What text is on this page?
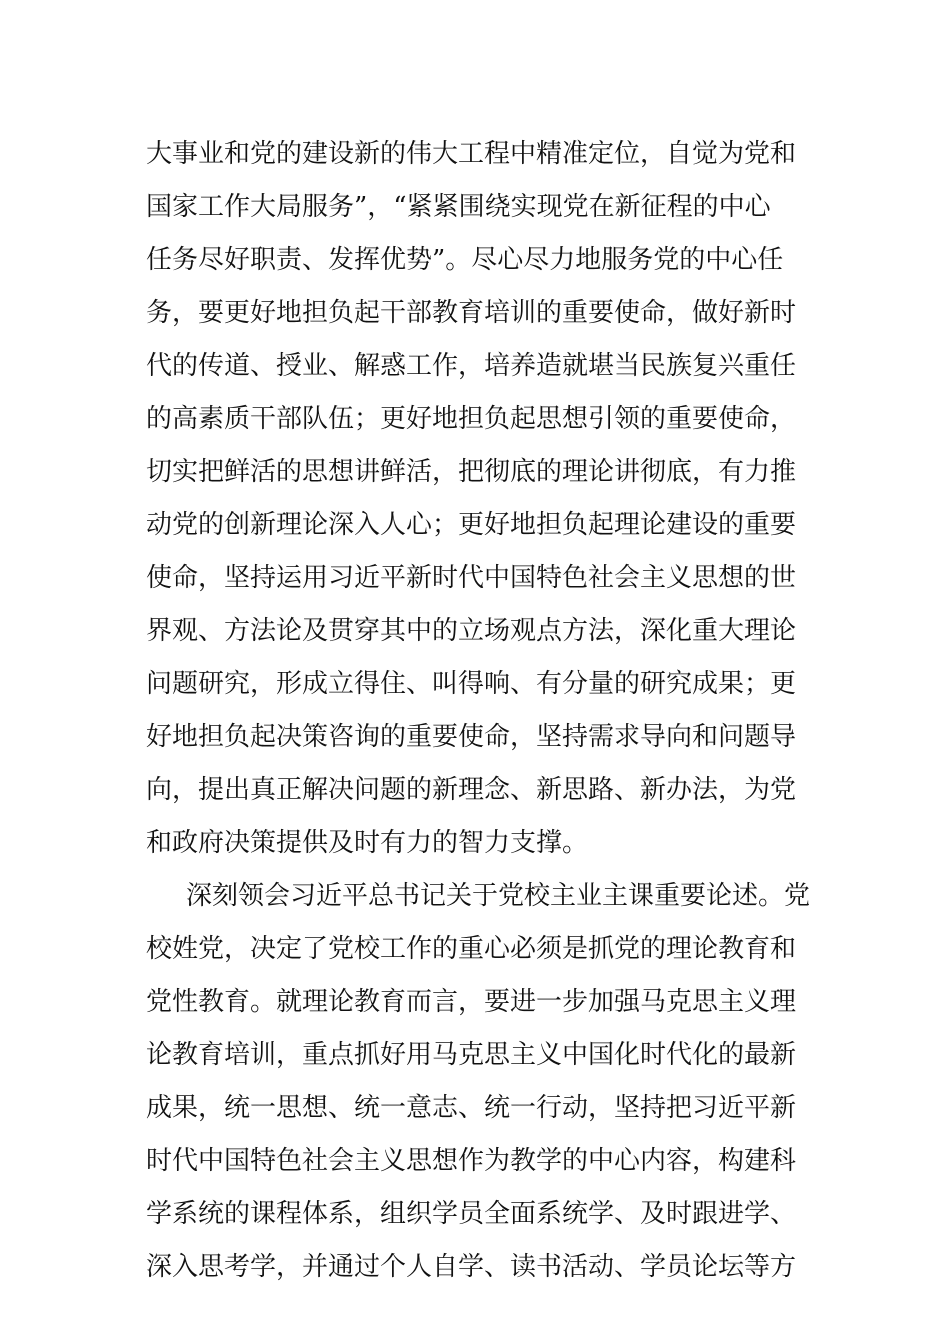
大事业和党的建设新的伟大工程中精准定位，自觉为党和
国家工作大局服务”，“紧紧围绕实现党在新征程的中心
任务尽好职责、发挥优势”。尽心尽力地服务党的中心任
务，要更好地担负起干部教育培训的重要使命，做好新时
代的传道、授业、解惑工作，培养造就堪当民族复兴重任
的高素质干部队伍；更好地担负起思想引领的重要使命，
切实把鲜活的思想讲鲜活，把彻底的理论讲彻底，有力推
动党的创新理论深入人心；更好地担负起理论建设的重要
使命，坚持运用习近平新时代中国特色社会主义思想的世
界观、方法论及贯穿其中的立场观点方法，深化重大理论
问题研究，形成立得住、叫得响、有分量的研究成果；更
好地担负起决策咨询的重要使命，坚持需求导向和问题导
向，提出真正解决问题的新理念、新思路、新办法，为党
和政府决策提供及时有力的智力支撑。
深刻领会习近平总书记关于党校主业主课重要论述。党
校姓党，决定了党校工作的重心必须是抓党的理论教育和
党性教育。就理论教育而言，要进一步加强马克思主义理
论教育培训，重点抓好用马克思主义中国化时代化的最新
成果，统一思想、统一意志、统一行动，坚持把习近平新
时代中国特色社会主义思想作为教学的中心内容，构建科
学系统的课程体系，组织学员全面系统学、及时跟进学、
深入思考学，并通过个人自学、读书活动、学员论坛等方
